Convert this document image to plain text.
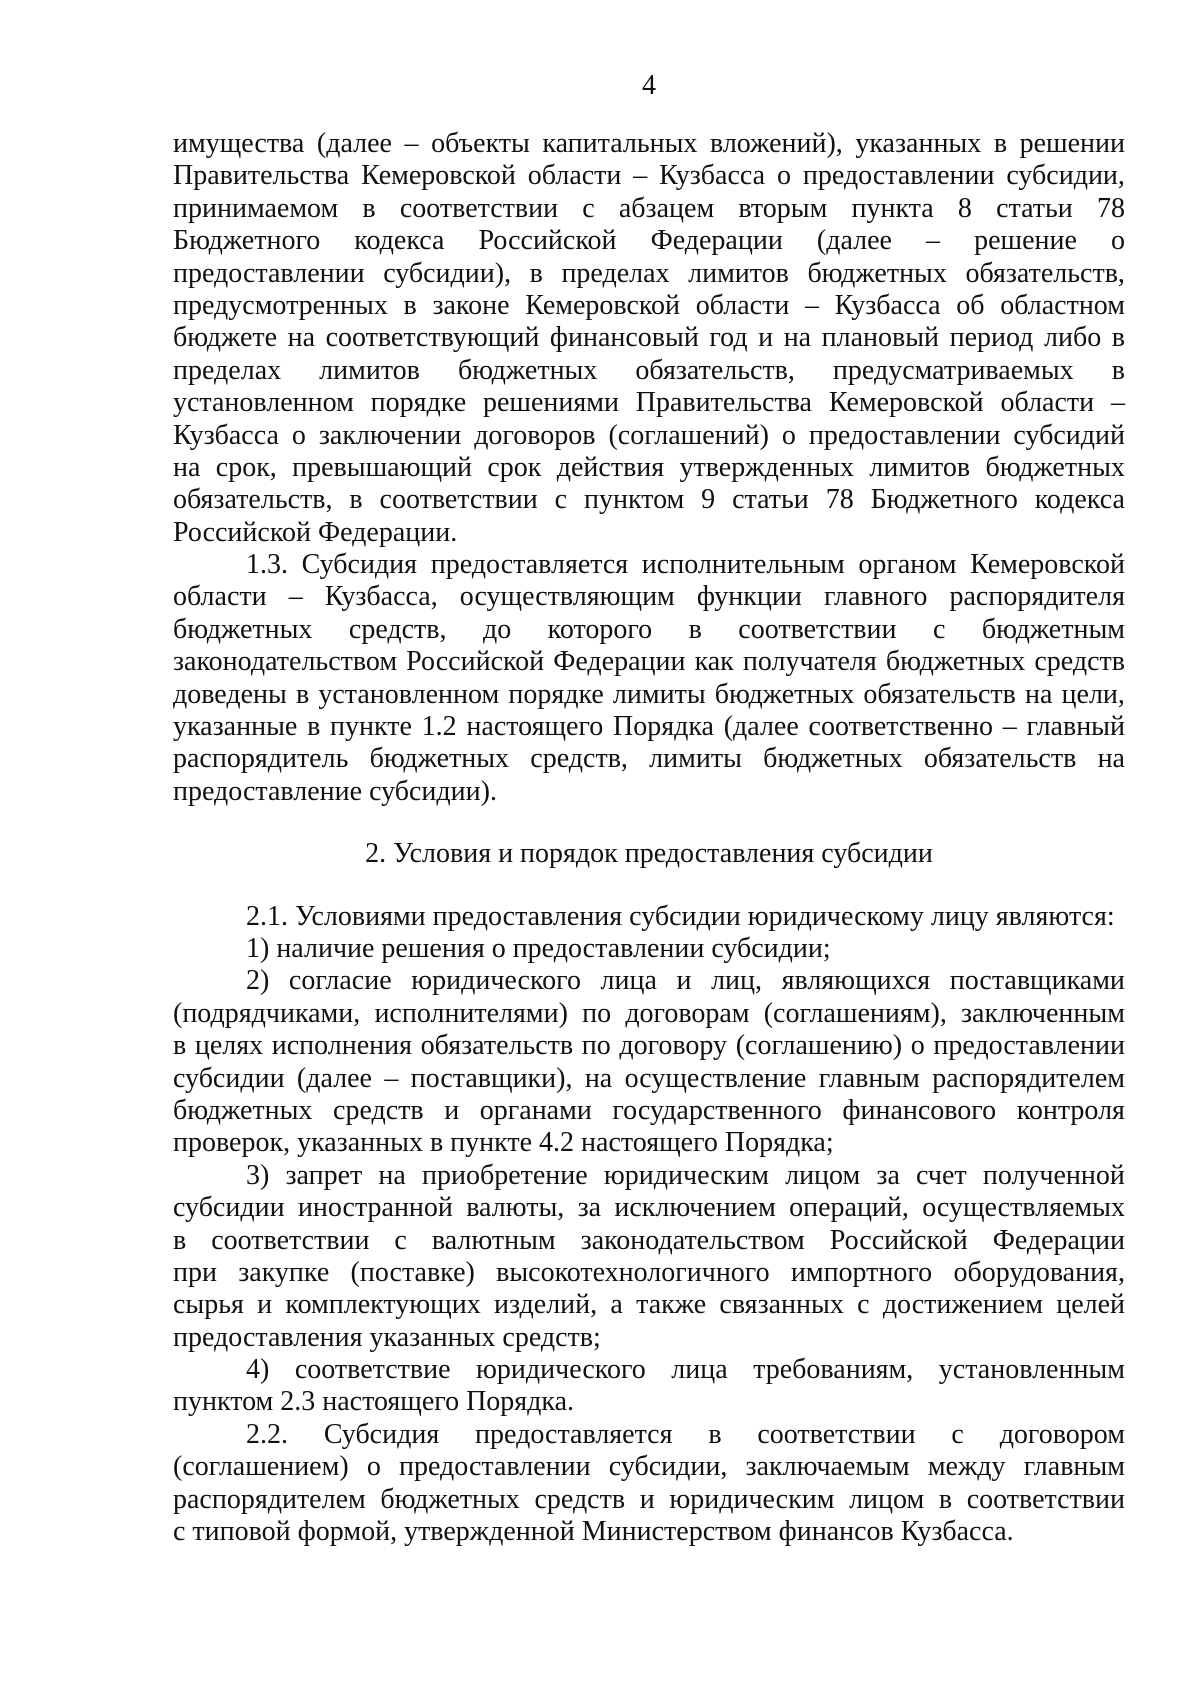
4
имущества (далее – объекты капитальных вложений), указанных в решении
Правительства Кемеровской области – Кузбасса о предоставлении субсидии,
принимаемом в соответствии с абзацем вторым пункта 8 статьи 78
Бюджетного кодекса Российской Федерации (далее – решение о
предоставлении субсидии), в пределах лимитов бюджетных обязательств,
предусмотренных в законе Кемеровской области – Кузбасса об областном
бюджете на соответствующий финансовый год и на плановый период либо в
пределах лимитов бюджетных обязательств, предусматриваемых в
установленном порядке решениями Правительства Кемеровской области –
Кузбасса о заключении договоров (соглашений) о предоставлении субсидий
на срок, превышающий срок действия утвержденных лимитов бюджетных
обязательств, в соответствии с пунктом 9 статьи 78 Бюджетного кодекса
Российской Федерации.
1.3. Субсидия предоставляется исполнительным органом Кемеровской
области – Кузбасса, осуществляющим функции главного распорядителя
бюджетных средств, до которого в соответствии с бюджетным
законодательством Российской Федерации как получателя бюджетных средств
доведены в установленном порядке лимиты бюджетных обязательств на цели,
указанные в пункте 1.2 настоящего Порядка (далее соответственно – главный
распорядитель бюджетных средств, лимиты бюджетных обязательств на
предоставление субсидии).
2. Условия и порядок предоставления субсидии
2.1. Условиями предоставления субсидии юридическому лицу являются:
1) наличие решения о предоставлении субсидии;
2) согласие юридического лица и лиц, являющихся поставщиками
(подрядчиками, исполнителями) по договорам (соглашениям), заключенным
в целях исполнения обязательств по договору (соглашению) о предоставлении
субсидии (далее – поставщики), на осуществление главным распорядителем
бюджетных средств и органами государственного финансового контроля
проверок, указанных в пункте 4.2 настоящего Порядка;
3) запрет на приобретение юридическим лицом за счет полученной
субсидии иностранной валюты, за исключением операций, осуществляемых
в соответствии с валютным законодательством Российской Федерации
при закупке (поставке) высокотехнологичного импортного оборудования,
сырья и комплектующих изделий, а также связанных с достижением целей
предоставления указанных средств;
4) соответствие юридического лица требованиям, установленным
пунктом 2.3 настоящего Порядка.
2.2. Субсидия предоставляется в соответствии с договором
(соглашением) о предоставлении субсидии, заключаемым между главным
распорядителем бюджетных средств и юридическим лицом в соответствии
с типовой формой, утвержденной Министерством финансов Кузбасса.
